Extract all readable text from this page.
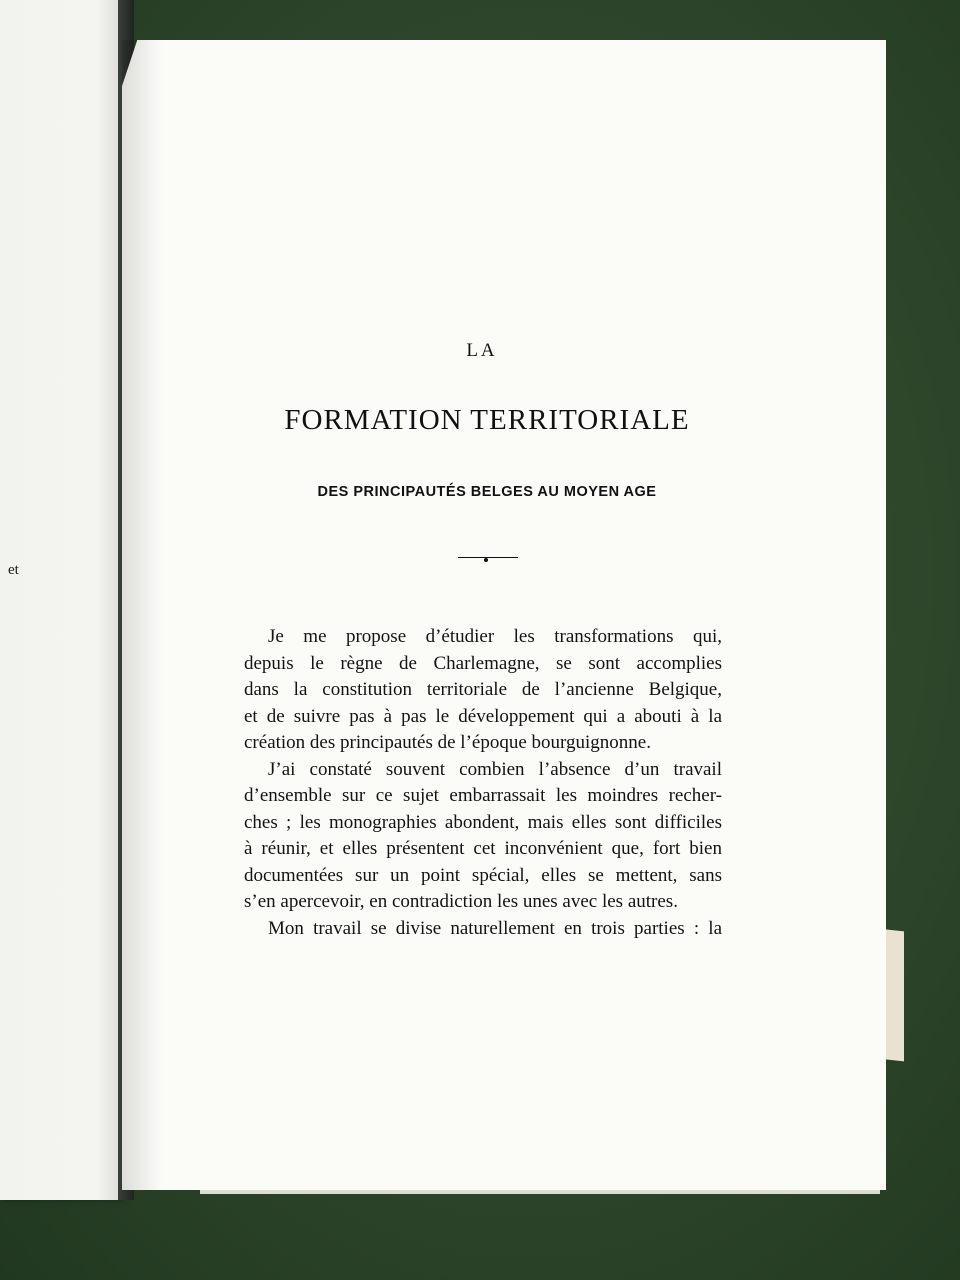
et
LA
FORMATION TERRITORIALE
DES PRINCIPAUTÉS BELGES AU MOYEN AGE

Je me propose d’étudier les transformations qui,

depuis le règne de Charlemagne, se sont accomplies

dans la constitution territoriale de l’ancienne Belgique,

et de suivre pas à pas le développement qui a abouti à la

création des principautés de l’époque bourguignonne.

J’ai constaté souvent combien l’absence d’un travail

d’ensemble sur ce sujet embarrassait les moindres recher-

ches ; les monographies abondent, mais elles sont difficiles

à réunir, et elles présentent cet inconvénient que, fort bien

documentées sur un point spécial, elles se mettent, sans

s’en apercevoir, en contradiction les unes avec les autres.

Mon travail se divise naturellement en trois parties : la
